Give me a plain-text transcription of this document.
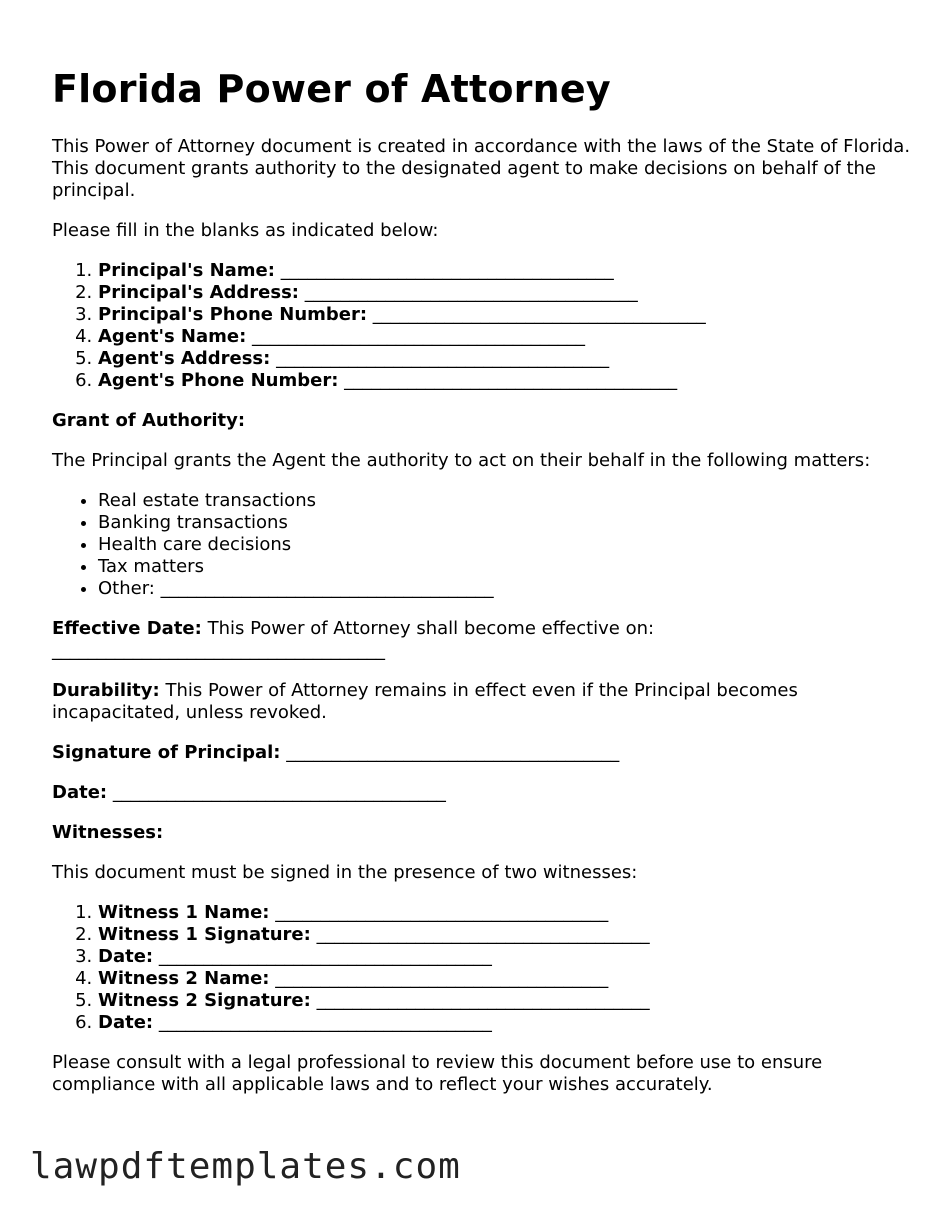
Florida Power of Attorney

This Power of Attorney document is created in accordance with the laws of the State of Florida. This document grants authority to the designated agent to make decisions on behalf of the principal.

Please fill in the blanks as indicated below:

1. Principal's Name: _____________________________________
2. Principal's Address: _____________________________________
3. Principal's Phone Number: _____________________________________
4. Agent's Name: _____________________________________
5. Agent's Address: _____________________________________
6. Agent's Phone Number: _____________________________________

Grant of Authority:

The Principal grants the Agent the authority to act on their behalf in the following matters:

• Real estate transactions
• Banking transactions
• Health care decisions
• Tax matters
• Other: _____________________________________

Effective Date: This Power of Attorney shall become effective on:
_____________________________________

Durability: This Power of Attorney remains in effect even if the Principal becomes incapacitated, unless revoked.

Signature of Principal: _____________________________________

Date: _____________________________________

Witnesses:

This document must be signed in the presence of two witnesses:

1. Witness 1 Name: _____________________________________
2. Witness 1 Signature: _____________________________________
3. Date: _____________________________________
4. Witness 2 Name: _____________________________________
5. Witness 2 Signature: _____________________________________
6. Date: _____________________________________

Please consult with a legal professional to review this document before use to ensure compliance with all applicable laws and to reflect your wishes accurately.

lawpdftemplates.com
